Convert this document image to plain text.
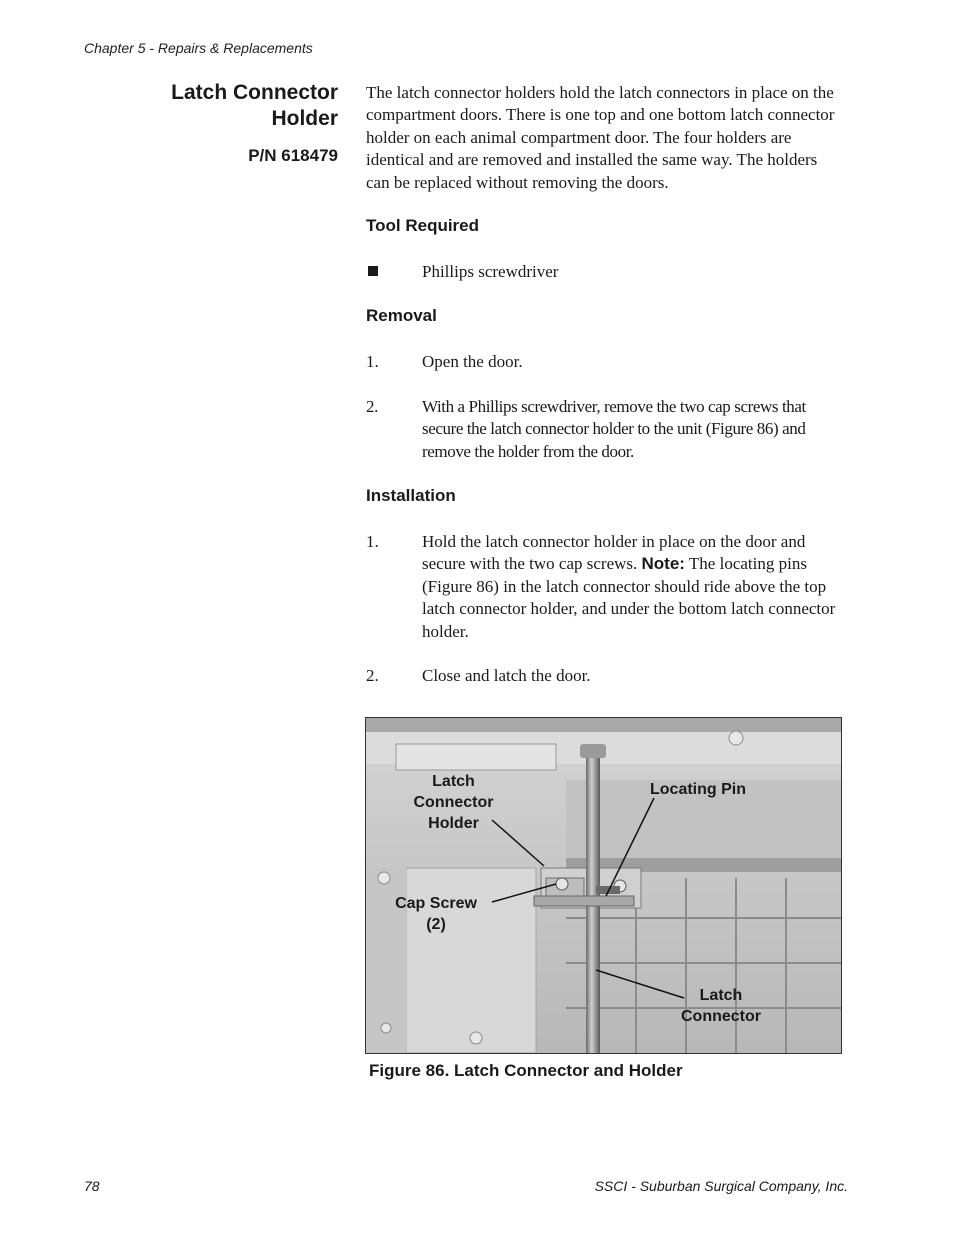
Chapter 5 - Repairs & Replacements
Latch Connector
Holder
P/N 618479
The latch connector holders hold the latch connectors in place on the compartment doors. There is one top and one bottom latch connector holder on each animal compartment door. The four holders are identical and are removed and installed the same way. The holders can be replaced without removing the doors.
Tool Required
Phillips screwdriver
Removal
1.	Open the door.
2.	With a Phillips screwdriver, remove the two cap screws that secure the latch connector holder to the unit (Figure 86) and remove the holder from the door.
Installation
1.	Hold the latch connector holder in place on the door and secure with the two cap screws. Note: The locating pins (Figure 86) in the latch connector should ride above the top latch connector holder, and under the bottom latch connector holder.
2.	Close and latch the door.
Latch
Connector
Holder
Locating Pin
Cap Screw
(2)
Latch
Connector
Figure 86. Latch Connector and Holder
78	SSCI - Suburban Surgical Company, Inc.
